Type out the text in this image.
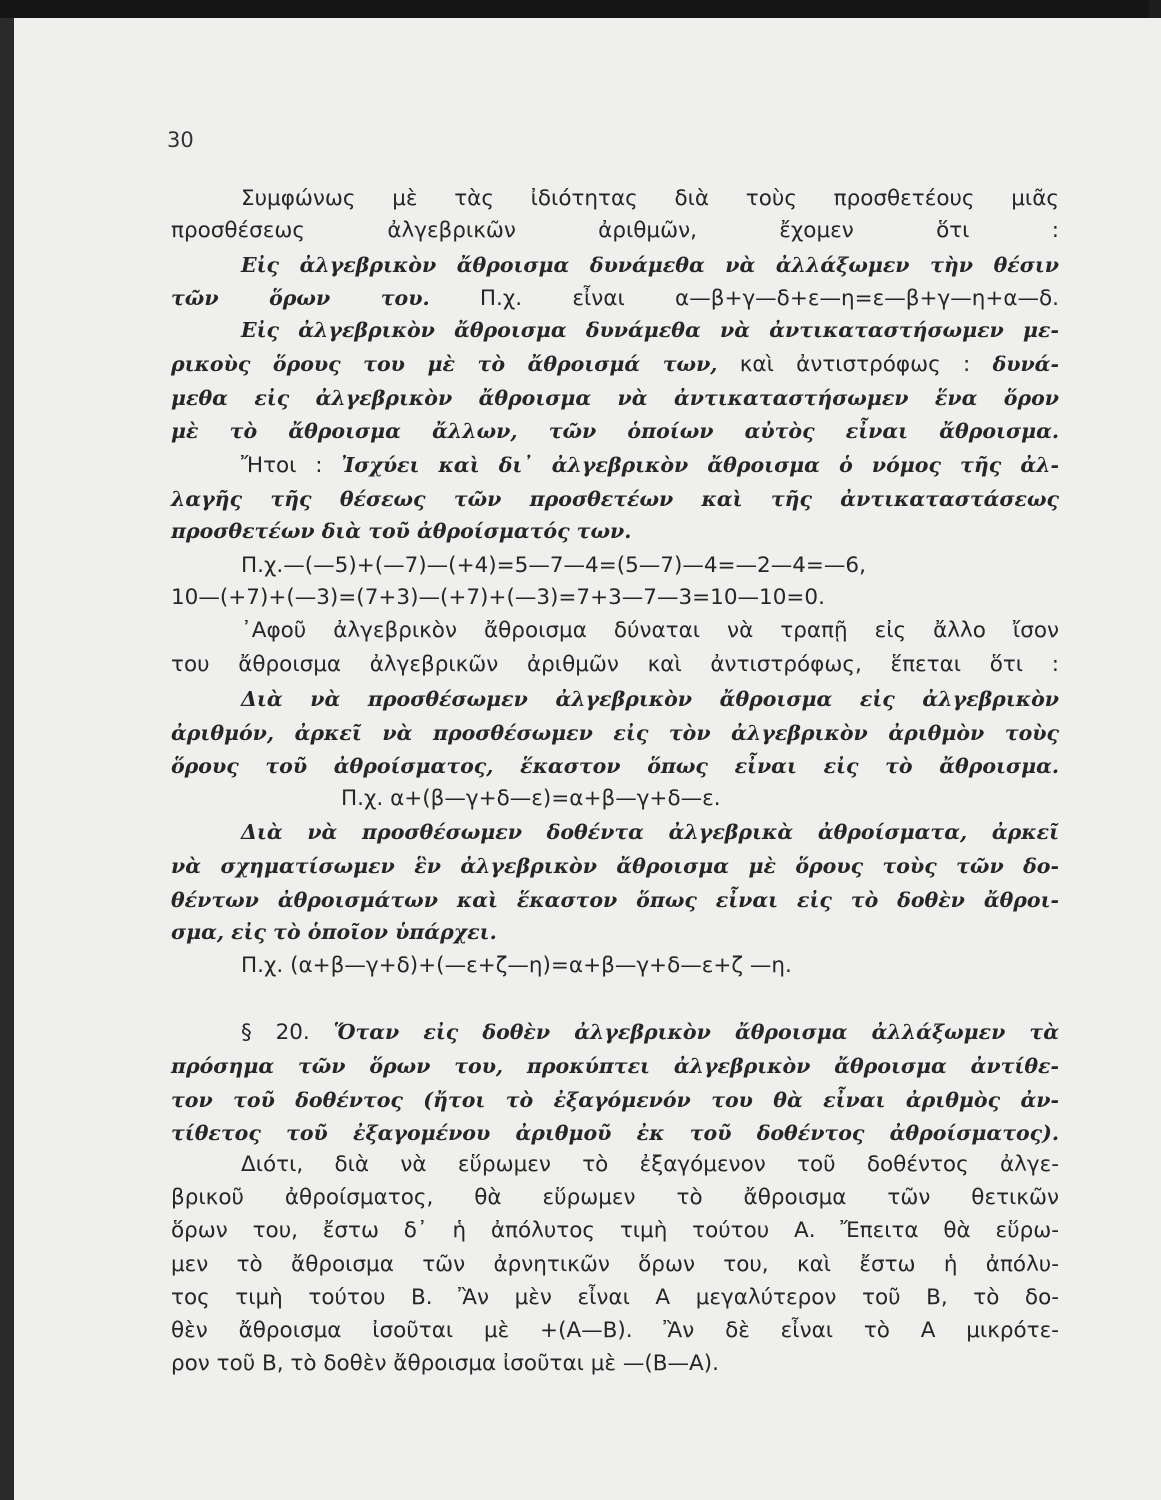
30
Συμφώνως μὲ τὰς ἰδιότητας διὰ τοὺς προσθετέους μιᾶς
προσθέσεως ἀλγεβρικῶν ἀριθμῶν, ἔχομεν ὅτι :
Εἰς ἀλγεβρικὸν ἄθροισμα δυνάμεθα νὰ ἀλλάξωμεν τὴν θέσιν
τῶν ὅρων του. Π.χ. εἶναι α—β+γ—δ+ε—η=ε—β+γ—η+α—δ.
Εἰς ἀλγεβρικὸν ἄθροισμα δυνάμεθα νὰ ἀντικαταστήσωμεν με-
ρικοὺς ὅρους του μὲ τὸ ἄθροισμά των, καὶ ἀντιστρόφως : δυνά-
μεθα εἰς ἀλγεβρικὸν ἄθροισμα νὰ ἀντικαταστήσωμεν ἕνα ὅρον
μὲ τὸ ἄθροισμα ἄλλων, τῶν ὁποίων αὐτὸς εἶναι ἄθροισμα.
Ἤτοι : Ἰσχύει καὶ δι᾽ ἀλγεβρικὸν ἄθροισμα ὁ νόμος τῆς ἀλ-
λαγῆς τῆς θέσεως τῶν προσθετέων καὶ τῆς ἀντικαταστάσεως
προσθετέων διὰ τοῦ ἀθροίσματός των.
Π.χ.—(—5)+(—7)—(+4)=5—7—4=(5—7)—4=—2—4=—6,
10—(+7)+(—3)=(7+3)—(+7)+(—3)=7+3—7—3=10—10=0.
᾽Αφοῦ ἀλγεβρικὸν ἄθροισμα δύναται νὰ τραπῇ εἰς ἄλλο ἴσον
του ἄθροισμα ἀλγεβρικῶν ἀριθμῶν καὶ ἀντιστρόφως, ἕπεται ὅτι :
Διὰ νὰ προσθέσωμεν ἀλγεβρικὸν ἄθροισμα εἰς ἀλγεβρικὸν
ἀριθμόν, ἀρκεῖ νὰ προσθέσωμεν εἰς τὸν ἀλγεβρικὸν ἀριθμὸν τοὺς
ὅρους τοῦ ἀθροίσματος, ἕκαστον ὅπως εἶναι εἰς τὸ ἄθροισμα.
Π.χ. α+(β—γ+δ—ε)=α+β—γ+δ—ε.
Διὰ νὰ προσθέσωμεν δοθέντα ἀλγεβρικὰ ἀθροίσματα, ἀρκεῖ
νὰ σχηματίσωμεν ἓν ἀλγεβρικὸν ἄθροισμα μὲ ὅρους τοὺς τῶν δο-
θέντων ἀθροισμάτων καὶ ἕκαστον ὅπως εἶναι εἰς τὸ δοθὲν ἄθροι-
σμα, εἰς τὸ ὁποῖον ὑπάρχει.
Π.χ. (α+β—γ+δ)+(—ε+ζ—η)=α+β—γ+δ—ε+ζ —η.
§ 20. Ὅταν εἰς δοθὲν ἀλγεβρικὸν ἄθροισμα ἀλλάξωμεν τὰ
πρόσημα τῶν ὅρων του, προκύπτει ἀλγεβρικὸν ἄθροισμα ἀντίθε-
τον τοῦ δοθέντος (ἤτοι τὸ ἐξαγόμενόν του θὰ εἶναι ἀριθμὸς ἀν-
τίθετος τοῦ ἐξαγομένου ἀριθμοῦ ἐκ τοῦ δοθέντος ἀθροίσματος).
Διότι, διὰ νὰ εὕρωμεν τὸ ἐξαγόμενον τοῦ δοθέντος ἀλγε-
βρικοῦ ἀθροίσματος, θὰ εὕρωμεν τὸ ἄθροισμα τῶν θετικῶν
ὅρων του, ἔστω δ᾽ ἡ ἀπόλυτος τιμὴ τούτου Α. Ἔπειτα θὰ εὕρω-
μεν τὸ ἄθροισμα τῶν ἀρνητικῶν ὅρων του, καὶ ἔστω ἡ ἀπόλυ-
τος τιμὴ τούτου Β. Ἂν μὲν εἶναι Α μεγαλύτερον τοῦ Β, τὸ δο-
θὲν ἄθροισμα ἰσοῦται μὲ +(Α—Β). Ἂν δὲ εἶναι τὸ Α μικρότε-
ρον τοῦ Β, τὸ δοθὲν ἄθροισμα ἰσοῦται μὲ —(Β—Α).
